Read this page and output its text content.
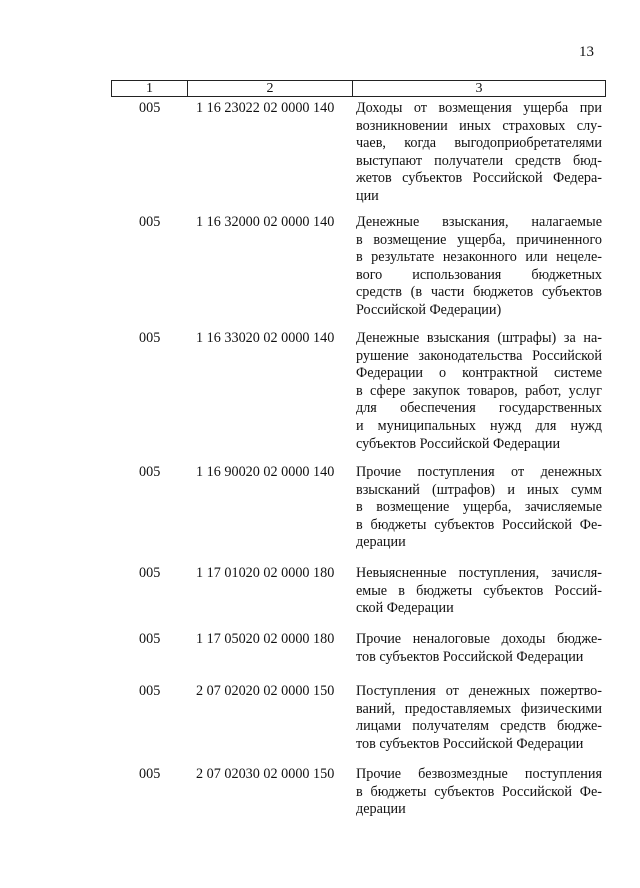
13
1	2	3
005	1 16 23022 02 0000 140	Доходы от возмещения ущерба при
возникновении иных страховых слу-
чаев, когда выгодоприобретателями
выступают получатели средств бюд-
жетов субъектов Российской Федера-
ции
005	1 16 32000 02 0000 140	Денежные взыскания, налагаемые
в возмещение ущерба, причиненного
в результате незаконного или нецеле-
вого использования бюджетных
средств (в части бюджетов субъектов
Российской Федерации)
005	1 16 33020 02 0000 140	Денежные взыскания (штрафы) за на-
рушение законодательства Российской
Федерации о контрактной системе
в сфере закупок товаров, работ, услуг
для обеспечения государственных
и муниципальных нужд для нужд
субъектов Российской Федерации
005	1 16 90020 02 0000 140	Прочие поступления от денежных
взысканий (штрафов) и иных сумм
в возмещение ущерба, зачисляемые
в бюджеты субъектов Российской Фе-
дерации
005	1 17 01020 02 0000 180	Невыясненные поступления, зачисля-
емые в бюджеты субъектов Россий-
ской Федерации
005	1 17 05020 02 0000 180	Прочие неналоговые доходы бюдже-
тов субъектов Российской Федерации
005	2 07 02020 02 0000 150	Поступления от денежных пожертво-
ваний, предоставляемых физическими
лицами получателям средств бюдже-
тов субъектов Российской Федерации
005	2 07 02030 02 0000 150	Прочие безвозмездные поступления
в бюджеты субъектов Российской Фе-
дерации
